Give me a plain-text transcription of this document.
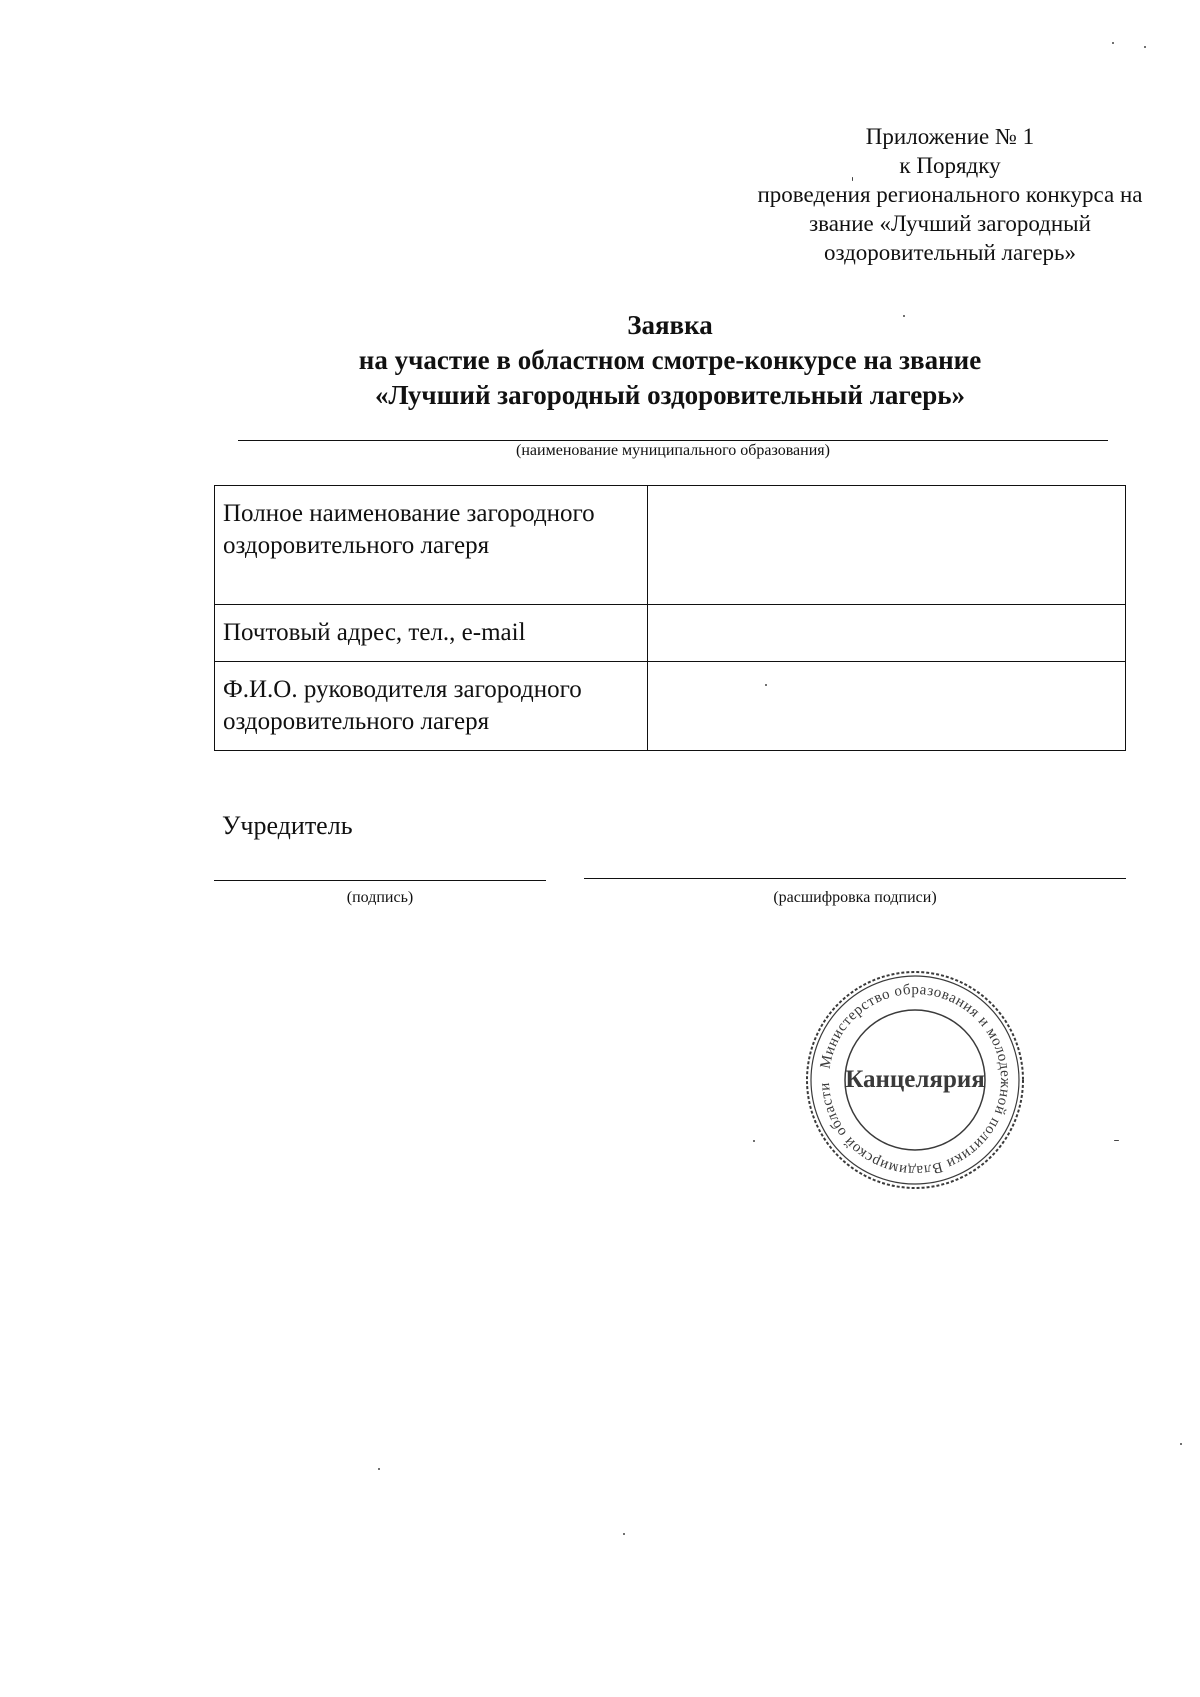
Приложение № 1
к Порядку
проведения регионального конкурса на
звание «Лучший загородный
оздоровительный лагерь»
Заявка
на участие в областном смотре-конкурсе на звание
«Лучший загородный оздоровительный лагерь»
(наименование муниципального образования)
Полное наименование загородного оздоровительного лагеря	
Почтовый адрес, тел., e-mail	
Ф.И.О. руководителя загородного оздоровительного лагеря	
Учредитель
(подпись)	(расшифровка подписи)
Министерство образования и молодежной политики Владимирской области Канцелярия
